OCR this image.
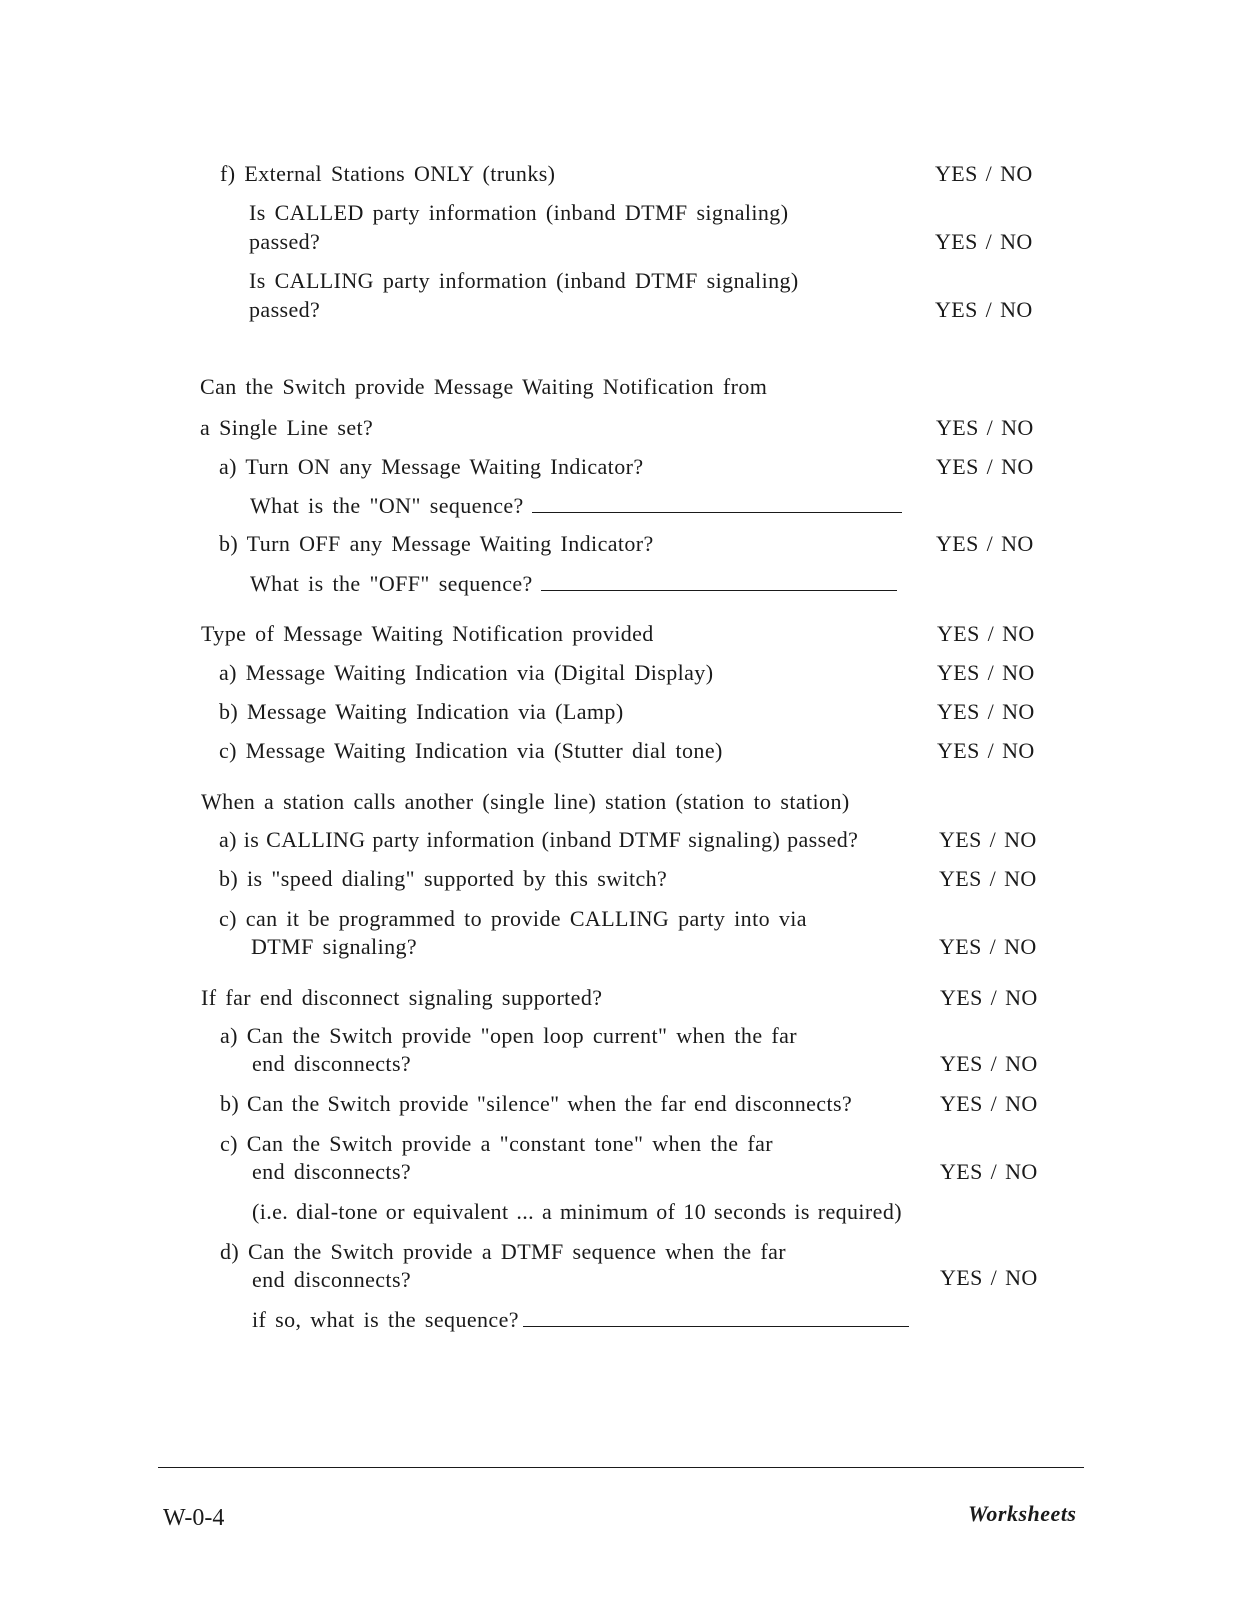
f) External Stations ONLY (trunks)	YES / NO
Is CALLED party information (inband DTMF signaling)
passed?	YES / NO
Is CALLING party information (inband DTMF signaling)
passed?	YES / NO
Can the Switch provide Message Waiting Notification from
a Single Line set?	YES / NO
a) Turn ON any Message Waiting Indicator?	YES / NO
What is the "ON" sequence?
b) Turn OFF any Message Waiting Indicator?	YES / NO
What is the "OFF" sequence?
Type of Message Waiting Notification provided	YES / NO
a) Message Waiting Indication via (Digital Display)	YES / NO
b) Message Waiting Indication via (Lamp)	YES / NO
c) Message Waiting Indication via (Stutter dial tone)	YES / NO
When a station calls another (single line) station (station to station)
a) is CALLING party information (inband DTMF signaling) passed?	YES / NO
b) is "speed dialing" supported by this switch?	YES / NO
c) can it be programmed to provide CALLING party into via
DTMF signaling?	YES / NO
If far end disconnect signaling supported?	YES / NO
a) Can the Switch provide "open loop current" when the far
end disconnects?	YES / NO
b) Can the Switch provide "silence" when the far end disconnects?	YES / NO
c) Can the Switch provide a "constant tone" when the far
end disconnects?	YES / NO
(i.e. dial-tone or equivalent ... a minimum of 10 seconds is required)
d) Can the Switch provide a DTMF sequence when the far
end disconnects?	YES / NO
if so, what is the sequence?
W-0-4	Worksheets
